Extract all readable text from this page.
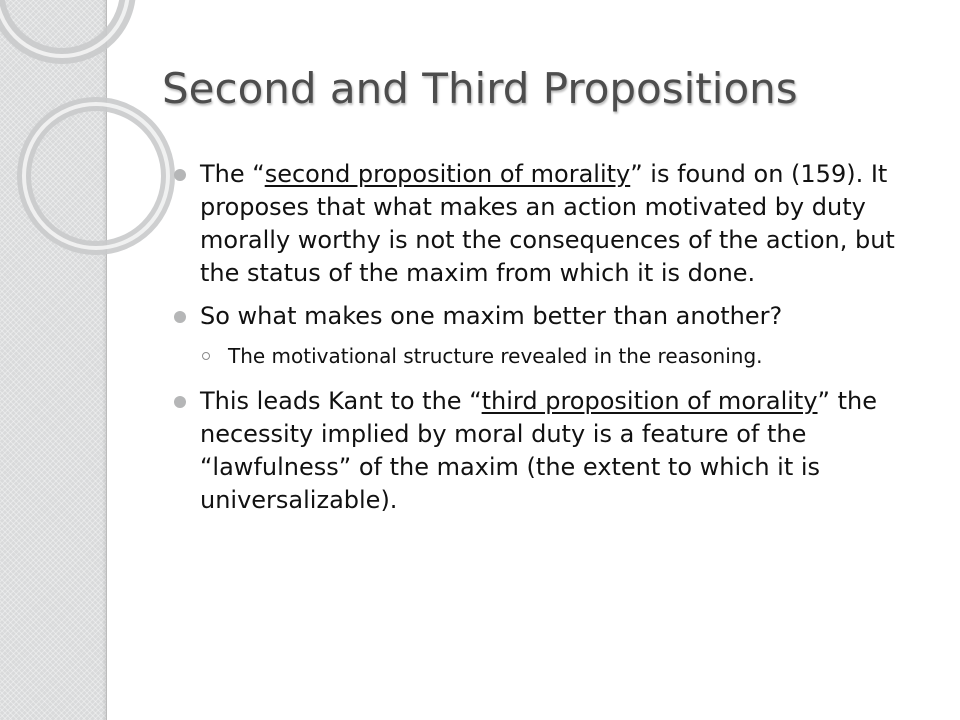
Second and Third Propositions

The “second proposition of morality” is found on (159). It proposes that what makes an action motivated by duty morally worthy is not the consequences of the action, but the status of the maxim from which it is done.

So what makes one maxim better than another?

The motivational structure revealed in the reasoning.

This leads Kant to the “third proposition of morality” the necessity implied by moral duty is a feature of the “lawfulness” of the maxim (the extent to which it is universalizable).
